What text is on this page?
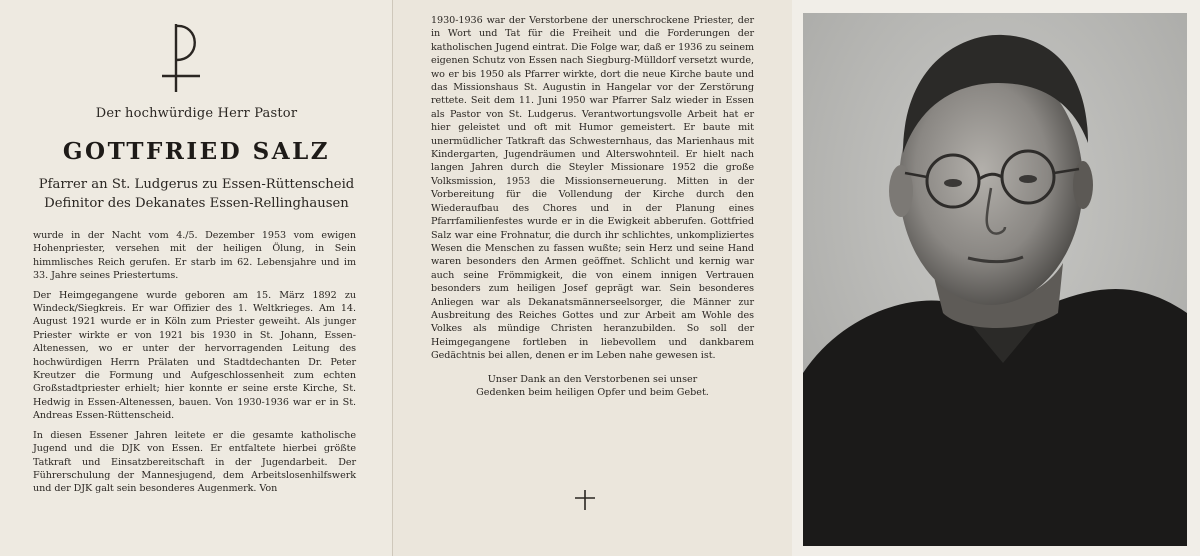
Der hochwürdige Herr Pastor
GOTTFRIED SALZ
Pfarrer an St. Ludgerus zu Essen-Rüttenscheid
Definitor des Dekanates Essen-Rellinghausen

wurde in der Nacht vom 4./5. Dezember 1953 vom ewigen Hohenpriester, versehen mit der heiligen Ölung, in Sein himmlisches Reich gerufen. Er starb im 62. Lebensjahre und im 33. Jahre seines Priestertums.

Der Heimgegangene wurde geboren am 15. März 1892 zu Windeck/Siegkreis. Er war Offizier des 1. Weltkrieges. Am 14. August 1921 wurde er in Köln zum Priester geweiht. Als junger Priester wirkte er von 1921 bis 1930 in St. Johann, Essen-Altenessen, wo er unter der hervorragenden Leitung des hochwürdigen Herrn Prälaten und Stadtdechanten Dr. Peter Kreutzer die Formung und Aufgeschlossenheit zum echten Großstadtpriester erhielt; hier konnte er seine erste Kirche, St. Hedwig in Essen-Altenessen, bauen. Von 1930-1936 war er in St. Andreas Essen-Rüttenscheid.

In diesen Essener Jahren leitete er die gesamte katholische Jugend und die DJK von Essen. Er entfaltete hierbei größte Tatkraft und Einsatzbereitschaft in der Jugendarbeit. Der Führerschulung der Mannesjugend, dem Arbeitslosenhilfswerk und der DJK galt sein besonderes Augenmerk. Von

1930-1936 war der Verstorbene der unerschrockene Priester, der in Wort und Tat für die Freiheit und die Forderungen der katholischen Jugend eintrat. Die Folge war, daß er 1936 zu seinem eigenen Schutz von Essen nach Siegburg-Mülldorf versetzt wurde, wo er bis 1950 als Pfarrer wirkte, dort die neue Kirche baute und das Missionshaus St. Augustin in Hangelar vor der Zerstörung rettete. Seit dem 11. Juni 1950 war Pfarrer Salz wieder in Essen als Pastor von St. Ludgerus. Verantwortungsvolle Arbeit hat er hier geleistet und oft mit Humor gemeistert. Er baute mit unermüdlicher Tatkraft das Schwesternhaus, das Marienhaus mit Kindergarten, Jugendräumen und Alterswohnteil. Er hielt nach langen Jahren durch die Steyler Missionare 1952 die große Volksmission, 1953 die Missionserneuerung. Mitten in der Vorbereitung für die Vollendung der Kirche durch den Wiederaufbau des Chores und in der Planung eines Pfarrfamilienfestes wurde er in die Ewigkeit abberufen. Gottfried Salz war eine Frohnatur, die durch ihr schlichtes, unkompliziertes Wesen die Menschen zu fassen wußte; sein Herz und seine Hand waren besonders den Armen geöffnet. Schlicht und kernig war auch seine Frömmigkeit, die von einem innigen Vertrauen besonders zum heiligen Josef geprägt war. Sein besonderes Anliegen war als Dekanatsmännerseelsorger, die Männer zur Ausbreitung des Reiches Gottes und zur Arbeit am Wohle des Volkes als mündige Christen heranzubilden. So soll der Heimgegangene fortleben in liebevollem und dankbarem Gedächtnis bei allen, denen er im Leben nahe gewesen ist.

Unser Dank an den Verstorbenen sei unser
Gedenken beim heiligen Opfer und beim Gebet.
